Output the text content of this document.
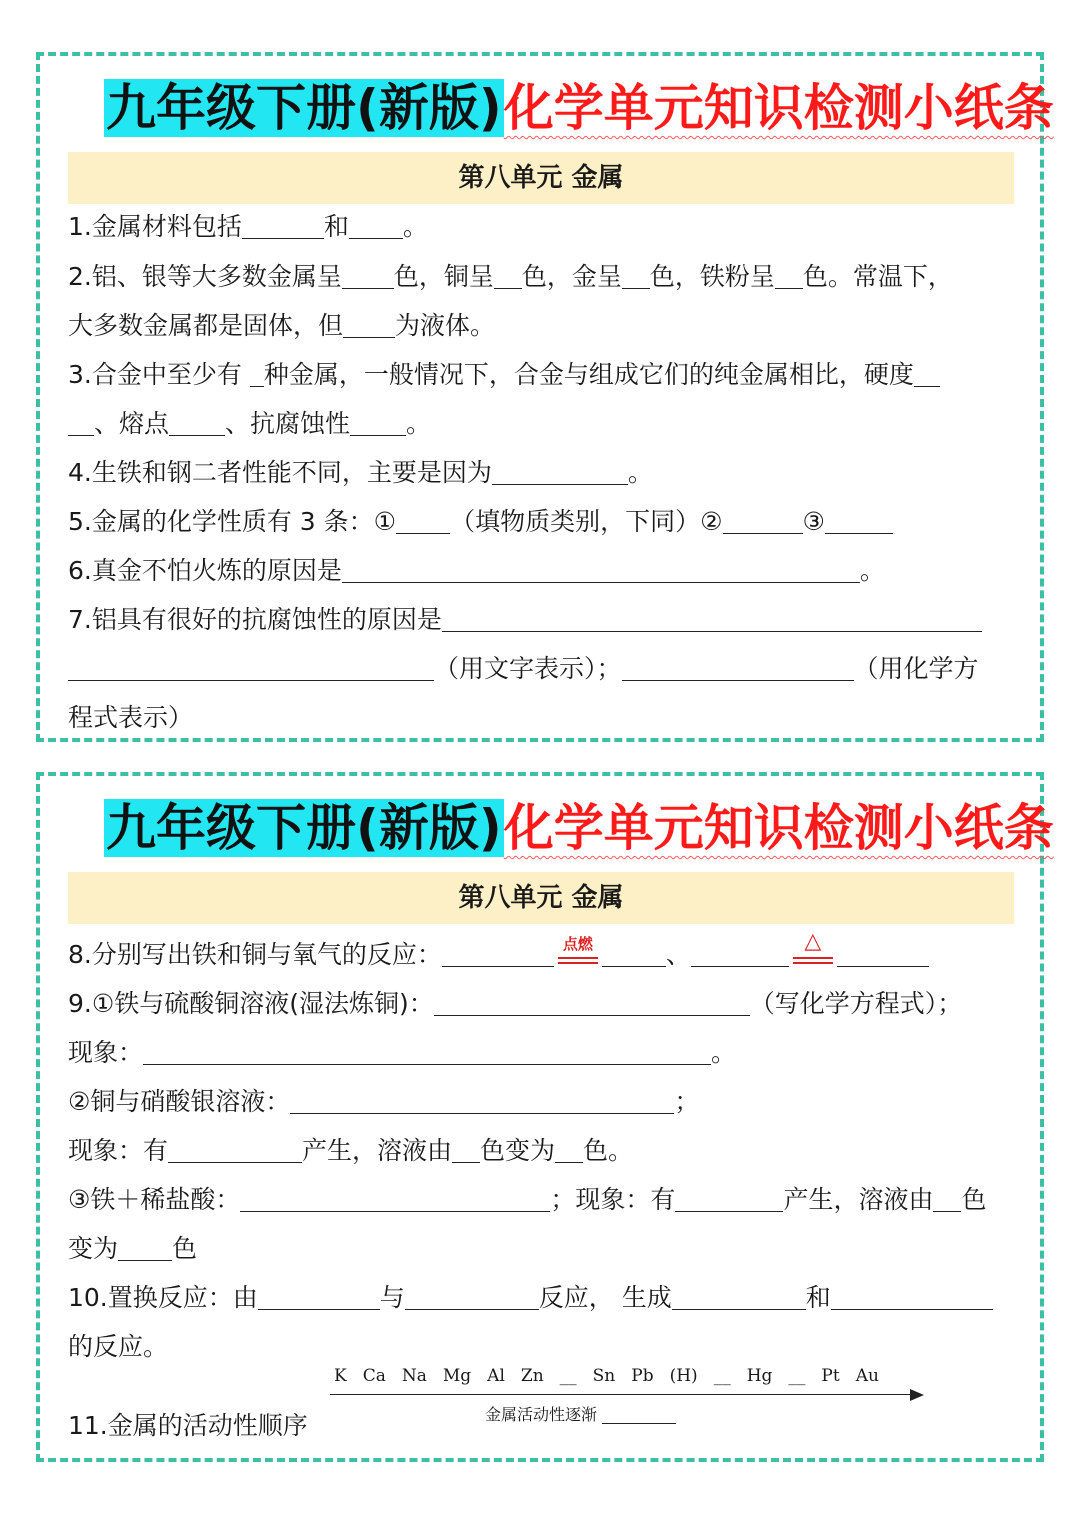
九年级下册(新版)化学单元知识检测小纸条
第八单元 金属
1.金属材料包括	和 。
2.铝、银等大多数金属呈 色，铜呈 色，金呈 色，铁粉呈 色。常温下，
大多数金属都是固体，但 为液体。
3.合金中至少有 种金属，一般情况下，合金与组成它们的纯金属相比，硬度
、熔点 、抗腐蚀性 。
4.生铁和钢二者性能不同，主要是因为	。
5.金属的化学性质有 3 条：① （填物质类别，下同）②	③
6.真金不怕火炼的原因是	。
7.铝具有很好的抗腐蚀性的原因是
（用文字表示）；	（用化学方
程式表示）
九年级下册(新版)化学单元知识检测小纸条
第八单元 金属
8.分别写出铁和铜与氧气的反应：	点燃	、	△
9.①铁与硫酸铜溶液(湿法炼铜)：	（写化学方程式）；
现象：	。
②铜与硝酸银溶液：	；
现象：有	产生，溶液由 色变为 色。
③铁＋稀盐酸：	；现象：有	产生，溶液由 色
变为 色
10.置换反应：由	与	反应， 生成	和
的反应。
11.金属的活动性顺序
K Ca Na Mg Al Zn __ Sn Pb (H) __ Hg __ Pt Au
金属活动性逐渐
